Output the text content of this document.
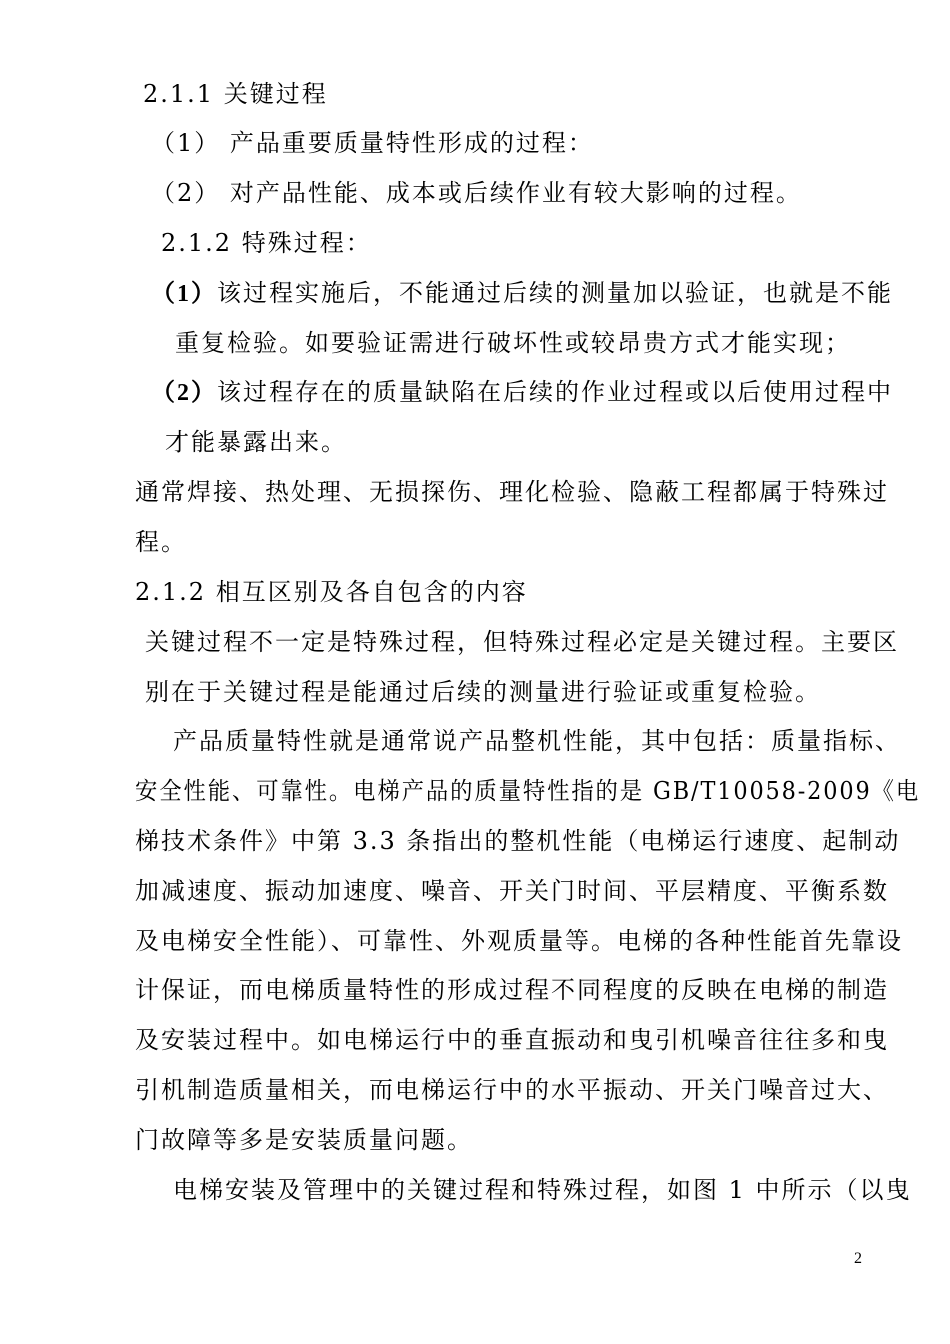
2.1.1 关键过程
（1） 产品重要质量特性形成的过程：
（2） 对产品性能、成本或后续作业有较大影响的过程。
2.1.2 特殊过程：
（1）该过程实施后，不能通过后续的测量加以验证，也就是不能
重复检验。如要验证需进行破坏性或较昂贵方式才能实现；
（2）该过程存在的质量缺陷在后续的作业过程或以后使用过程中
才能暴露出来。
通常焊接、热处理、无损探伤、理化检验、隐蔽工程都属于特殊过
程。
2.1.2 相互区别及各自包含的内容
关键过程不一定是特殊过程，但特殊过程必定是关键过程。主要区
别在于关键过程是能通过后续的测量进行验证或重复检验。
产品质量特性就是通常说产品整机性能，其中包括：质量指标、
安全性能、可靠性。电梯产品的质量特性指的是 GB/T10058-2009《电
梯技术条件》中第 3.3 条指出的整机性能（电梯运行速度、起制动
加减速度、振动加速度、噪音、开关门时间、平层精度、平衡系数
及电梯安全性能）、可靠性、外观质量等。电梯的各种性能首先靠设
计保证，而电梯质量特性的形成过程不同程度的反映在电梯的制造
及安装过程中。如电梯运行中的垂直振动和曳引机噪音往往多和曳
引机制造质量相关，而电梯运行中的水平振动、开关门噪音过大、
门故障等多是安装质量问题。
电梯安装及管理中的关键过程和特殊过程，如图 1 中所示（以曳
2
